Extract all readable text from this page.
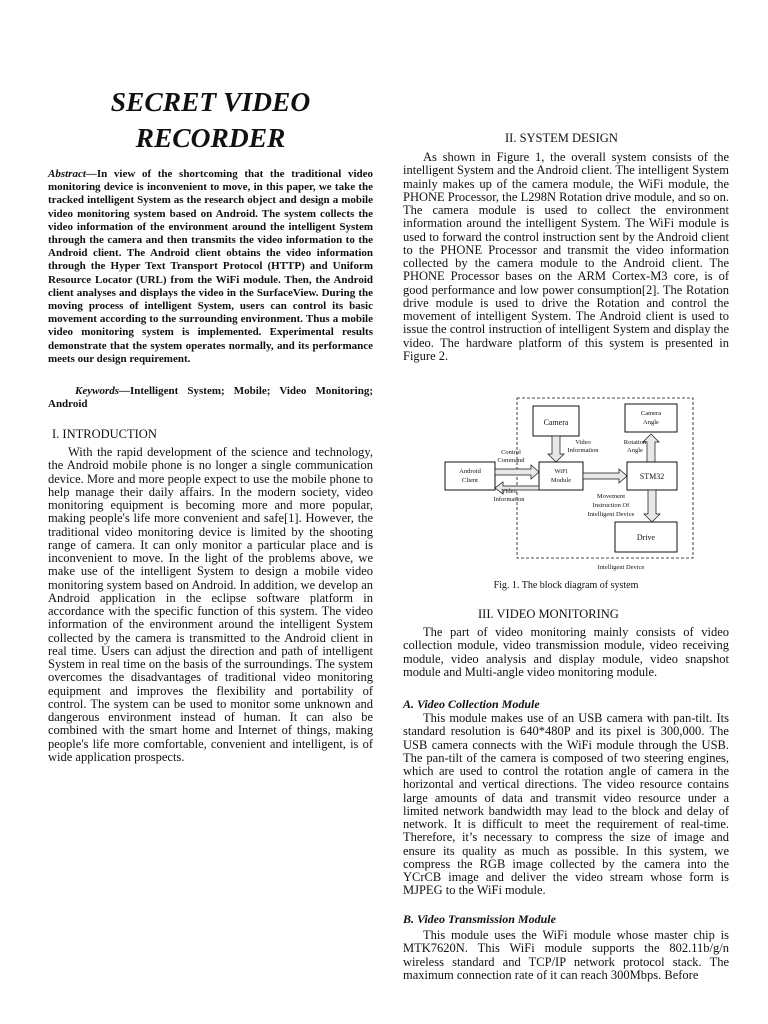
SECRET VIDEO
RECORDER

Abstract—In view of the shortcoming that the traditional video monitoring device is inconvenient to move, in this paper, we take the tracked intelligent System as the research object and design a mobile video monitoring system based on Android. The system collects the video information of the environment around the intelligent System through the camera and then transmits the video information to the Android client. The Android client obtains the video information through the Hyper Text Transport Protocol (HTTP) and Uniform Resource Locator (URL) from the WiFi module. Then, the Android client analyses and displays the video in the SurfaceView. During the moving process of intelligent System, users can control its basic movement according to the surrounding environment. Thus a mobile video monitoring system is implemented. Experimental results demonstrate that the system operates normally, and its performance meets our design requirement.

Keywords—Intelligent System; Mobile; Video Monitoring; Android

I. INTRODUCTION

With the rapid development of the science and technology, the Android mobile phone is no longer a single communication device. More and more people expect to use the mobile phone to help manage their daily affairs. In the modern society, video monitoring equipment is becoming more and more popular, making people's life more convenient and safe[1]. However, the traditional video monitoring device is limited by the shooting range of camera. It can only monitor a particular place and is inconvenient to move. In the light of the problems above, we make use of the intelligent System to design a mobile video monitoring system based on Android. In addition, we develop an Android application in the eclipse software platform in accordance with the specific function of this system. The video information of the environment around the intelligent System collected by the camera is transmitted to the Android client in real time. Users can adjust the direction and path of intelligent System in real time on the basis of the surroundings. The system overcomes the disadvantages of traditional video monitoring equipment and improves the flexibility and portability of control. The system can be used to monitor some unknown and dangerous environment instead of human. It can also be combined with the smart home and Internet of things, making people's life more comfortable, convenient and intelligent, is of wide application prospects.

II. SYSTEM DESIGN

As shown in Figure 1, the overall system consists of the intelligent System and the Android client. The intelligent System mainly makes up of the camera module, the WiFi module, the PHONE Processor, the L298N Rotation drive module, and so on. The camera module is used to collect the environment information around the intelligent System. The WiFi module is used to forward the control instruction sent by the Android client to the PHONE Processor and transmit the video information collected by the camera module to the Android client. The PHONE Processor bases on the ARM Cortex-M3 core, is of good performance and low power consumption[2]. The Rotation drive module is used to drive the Rotation and control the movement of intelligent System. The Android client is used to issue the control instruction of intelligent System and display the video. The hardware platform of this system is presented in Figure 2.

Camera
Camera
Angle
Video
Information
Rotation
Angle
Android
Client
Control
Command
WiFi
Module	STM32
Video
Information	Movement
Instruction Of
Intelligent Device
Drive
Intelligent Device

Fig. 1. The block diagram of system

III. VIDEO MONITORING

The part of video monitoring mainly consists of video collection module, video transmission module, video receiving module, video analysis and display module, video snapshot module and Multi-angle video monitoring module.

A. Video Collection Module

This module makes use of an USB camera with pan-tilt. Its standard resolution is 640*480P and its pixel is 300,000. The USB camera connects with the WiFi module through the USB. The pan-tilt of the camera is composed of two steering engines, which are used to control the rotation angle of camera in the horizontal and vertical directions. The video resource contains large amounts of data and transmit video resource under a limited network bandwidth may lead to the block and delay of network. It is difficult to meet the requirement of real-time. Therefore, it’s necessary to compress the size of image and ensure its quality as much as possible. In this system, we compress the RGB image collected by the camera into the YCrCB image and deliver the video stream whose form is MJPEG to the WiFi module.

B. Video Transmission Module

This module uses the WiFi module whose master chip is MTK7620N. This WiFi module supports the 802.11b/g/n wireless standard and TCP/IP network protocol stack. The maximum connection rate of it can reach 300Mbps. Before
